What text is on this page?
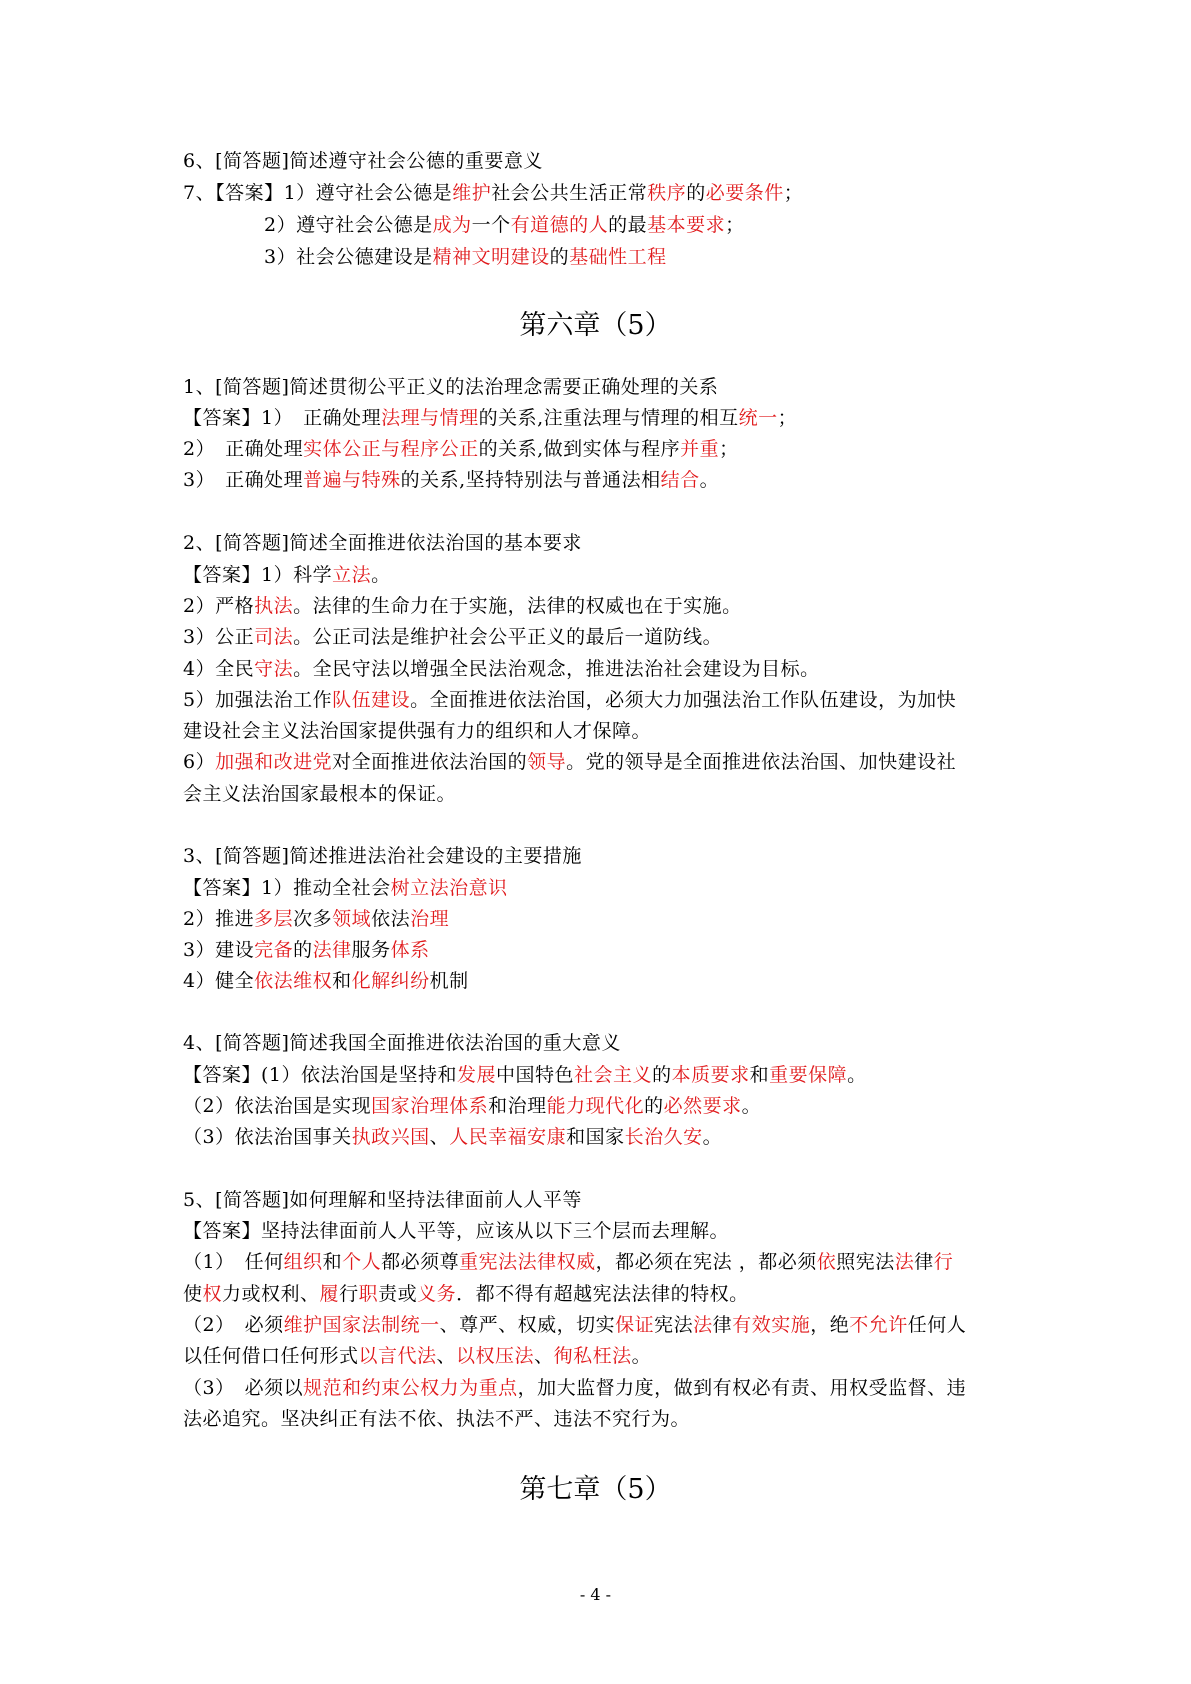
6、[简答题]简述遵守社会公德的重要意义
7、【答案】1）遵守社会公德是维护社会公共生活正常秩序的必要条件；
2）遵守社会公德是成为一个有道德的人的最基本要求；
3）社会公德建设是精神文明建设的基础性工程
1、[简答题]简述贯彻公平正义的法治理念需要正确处理的关系
【答案】1）　正确处理法理与情理的关系,注重法理与情理的相互统一；
2）　正确处理实体公正与程序公正的关系,做到实体与程序并重；
3）　正确处理普遍与特殊的关系,坚持特别法与普通法相结合。
2、[简答题]简述全面推进依法治国的基本要求
【答案】1）科学立法。
2）严格执法。法律的生命力在于实施，法律的权威也在于实施。
3）公正司法。公正司法是维护社会公平正义的最后一道防线。
4）全民守法。全民守法以增强全民法治观念，推进法治社会建设为目标。
5）加强法治工作队伍建设。全面推进依法治国，必须大力加强法治工作队伍建设，为加快
建设社会主义法治国家提供强有力的组织和人才保障。
6）加强和改进党对全面推进依法治国的领导。党的领导是全面推进依法治国、加快建设社
会主义法治国家最根本的保证。
3、[简答题]简述推进法治社会建设的主要措施
【答案】1）推动全社会树立法治意识
2）推进多层次多领域依法治理
3）建设完备的法律服务体系
4）健全依法维权和化解纠纷机制
4、[简答题]简述我国全面推进依法治国的重大意义
【答案】(1）依法治国是坚持和发展中国特色社会主义的本质要求和重要保障。
（2）依法治国是实现国家治理体系和治理能力现代化的必然要求。
（3）依法治国事关执政兴国、人民幸福安康和国家长治久安。
5、[简答题]如何理解和坚持法律面前人人平等
【答案】坚持法律面前人人平等，应该从以下三个层而去理解。
（1）　任何组织和个人都必须尊重宪法法律权威，都必须在宪法 ，都必须依照宪法法律行
使权力或权利、履行职责或义务．都不得有超越宪法法律的特权。
（2）　必须维护国家法制统一、尊严、权威，切实保证宪法法律有效实施，绝不允许任何人
以任何借口任何形式以言代法、以权压法、徇私枉法。
（3）　必须以规范和约束公权力为重点，加大监督力度，做到有权必有责、用权受监督、违
法必追究。坚决纠正有法不依、执法不严、违法不究行为。
第六章（5）
第七章（5）
- 4 -
